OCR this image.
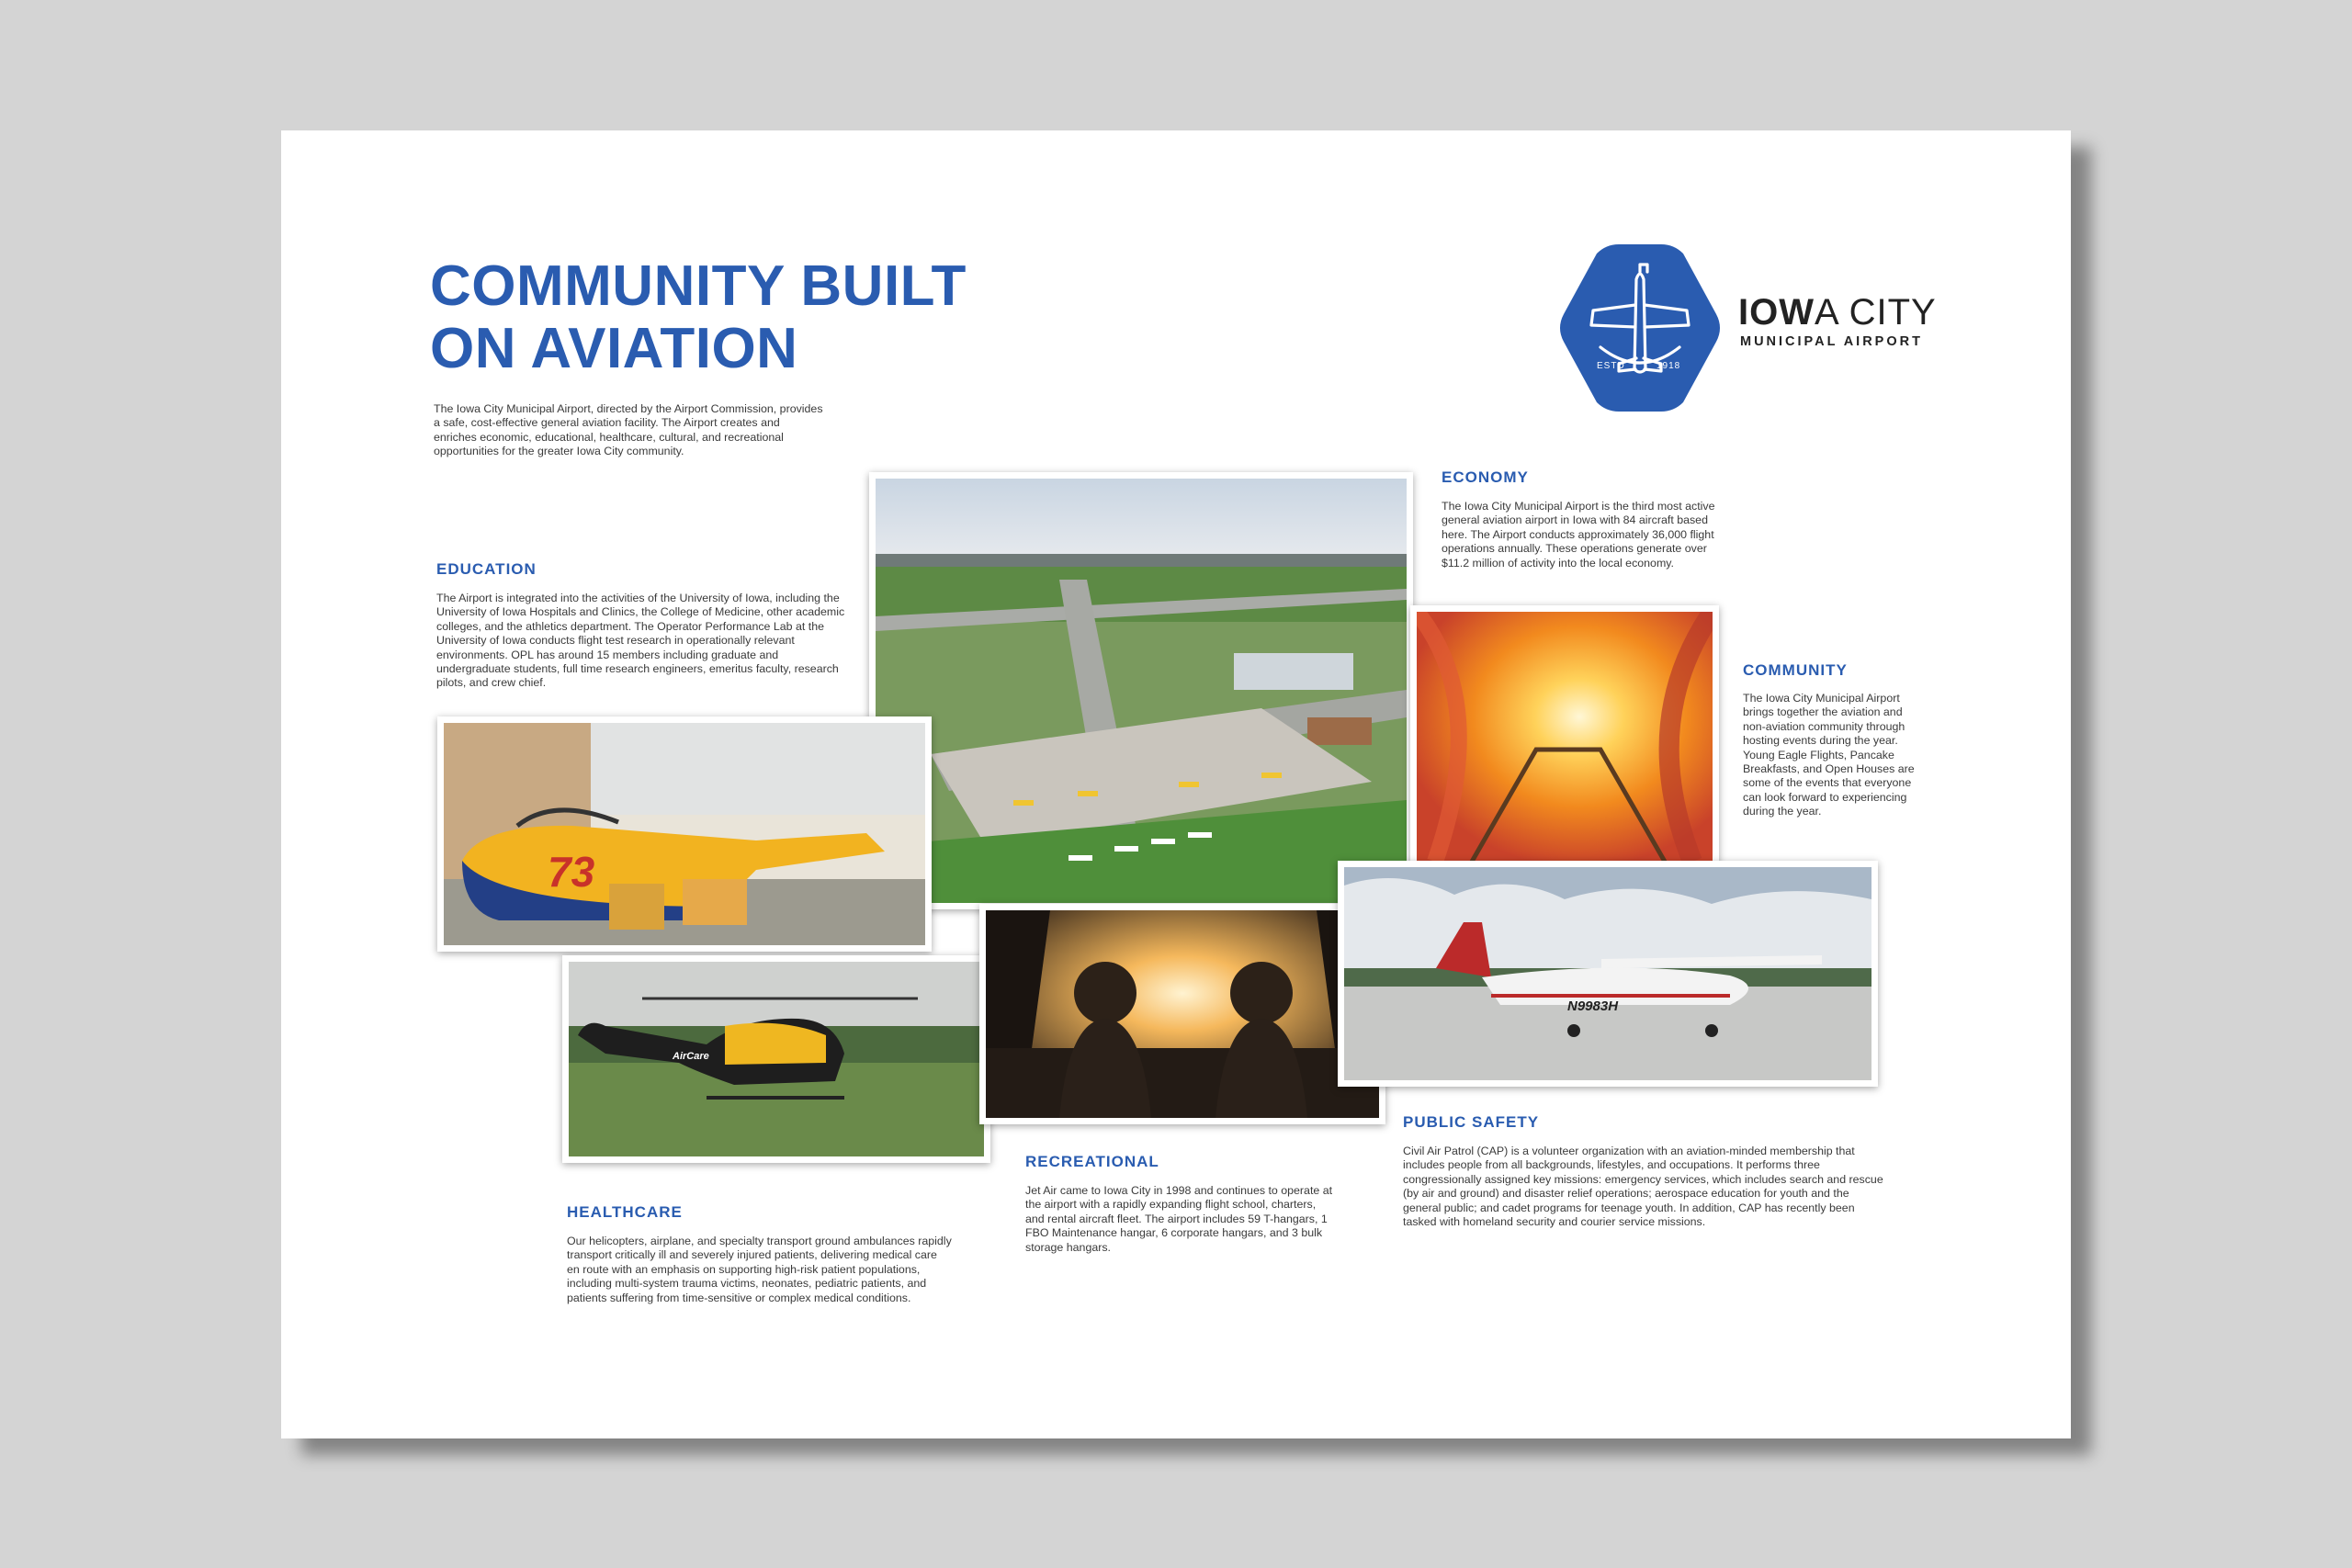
COMMUNITY BUILT
ON AVIATION

The Iowa City Municipal Airport, directed by the Airport Commission, provides a safe, cost-effective general aviation facility. The Airport creates and enriches economic, educational, healthcare, cultural, and recreational opportunities for the greater Iowa City community.

ESTD	1918
IOWA CITY
MUNICIPAL AIRPORT
EDUCATION

The Airport is integrated into the activities of the University of Iowa, including the University of Iowa Hospitals and Clinics, the College of Medicine, other academic colleges, and the athletics department. The Operator Performance Lab at the University of Iowa conducts flight test research in operationally relevant environments. OPL has around 15 members including graduate and undergraduate students, full time research engineers, emeritus faculty, research pilots, and crew chief.

ECONOMY

The Iowa City Municipal Airport is the third most active general aviation airport in Iowa with 84 aircraft based here. The Airport conducts approximately 36,000 flight operations annually. These operations generate over $11.2 million of activity into the local economy.

COMMUNITY

The Iowa City Municipal Airport brings together the aviation and non-aviation community through hosting events during the year. Young Eagle Flights, Pancake Breakfasts, and Open Houses are some of the events that everyone can look forward to experiencing during the year.

73
AirCare
N9983H
PUBLIC SAFETY

Civil Air Patrol (CAP) is a volunteer organization with an aviation-minded membership that includes people from all backgrounds, lifestyles, and occupations. It performs three congressionally assigned key missions: emergency services, which includes search and rescue (by air and ground) and disaster relief operations; aerospace education for youth and the general public; and cadet programs for teenage youth. In addition, CAP has recently been tasked with homeland security and courier service missions.

RECREATIONAL

Jet Air came to Iowa City in 1998 and continues to operate at the airport with a rapidly expanding flight school, charters, and rental aircraft fleet. The airport includes 59 T-hangars, 1 FBO Maintenance hangar, 6 corporate hangars, and 3 bulk storage hangars.

HEALTHCARE

Our helicopters, airplane, and specialty transport ground ambulances rapidly transport critically ill and severely injured patients, delivering medical care en route with an emphasis on supporting high-risk patient populations, including multi-system trauma victims, neonates, pediatric patients, and patients suffering from time-sensitive or complex medical conditions.
